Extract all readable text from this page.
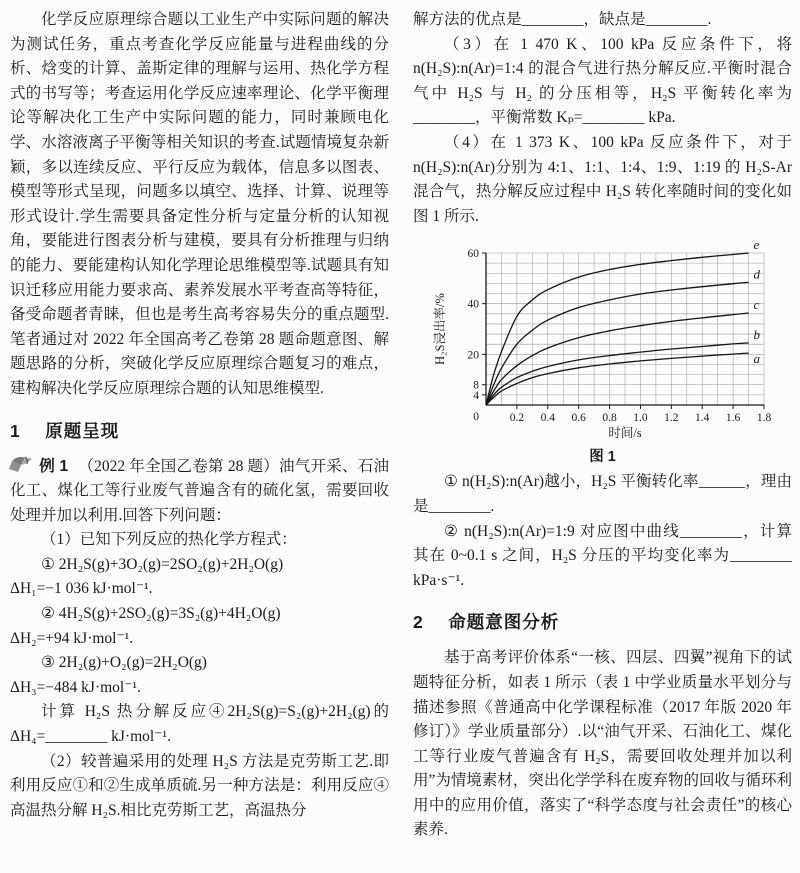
化学反应原理综合题以工业生产中实际问题的解决为测试任务，重点考查化学反应能量与进程曲线的分析、焓变的计算、盖斯定律的理解与运用、热化学方程式的书写等；考查运用化学反应速率理论、化学平衡理论等解决化工生产中实际问题的能力，同时兼顾电化学、水溶液离子平衡等相关知识的考查.试题情境复杂新颖，多以连续反应、平行反应为载体，信息多以图表、模型等形式呈现，问题多以填空、选择、计算、说理等形式设计.学生需要具备定性分析与定量分析的认知视角，要能进行图表分析与建模，要具有分析推理与归纳的能力、要能建构认知化学理论思维模型等.试题具有知识迁移应用能力要求高、素养发展水平考查高等特征，备受命题者青睐，但也是考生高考容易失分的重点题型.笔者通过对 2022 年全国高考乙卷第 28 题命题意图、解题思路的分析，突破化学反应原理综合题复习的难点，建构解决化学反应原理综合题的认知思维模型.

1 原题呈现

例 1 （2022 年全国乙卷第 28 题）油气开采、石油化工、煤化工等行业废气普遍含有的硫化氢，需要回收处理并加以利用.回答下列问题：

（1）已知下列反应的热化学方程式：

① 2H₂S(g)+3O₂(g)=2SO₂(g)+2H₂O(g)

ΔH₁=−1 036 kJ·mol⁻¹.

② 4H₂S(g)+2SO₂(g)=3S₂(g)+4H₂O(g)

ΔH₂=+94 kJ·mol⁻¹.

③ 2H₂(g)+O₂(g)=2H₂O(g)

ΔH₃=−484 kJ·mol⁻¹.

计算 H₂S 热分解反应④2H₂S(g)=S₂(g)+2H₂(g)的 ΔH₄=________ kJ·mol⁻¹.

（2）较普遍采用的处理 H₂S 方法是克劳斯工艺.即利用反应①和②生成单质硫.另一种方法是：利用反应④高温热分解 H₂S.相比克劳斯工艺，高温热分

解方法的优点是________，缺点是________.

（3）在 1 470 K、100 kPa 反应条件下，将 n(H₂S):n(Ar)=1:4 的混合气进行热分解反应.平衡时混合气中 H₂S 与 H₂ 的分压相等，H₂S 平衡转化率为________，平衡常数 Kₚ=________ kPa.

（4）在 1 373 K、100 kPa 反应条件下，对于 n(H₂S):n(Ar)分别为 4:1、1:1、1:4、1:9、1:19 的 H₂S-Ar 混合气，热分解反应过程中 H₂S 转化率随时间的变化如图 1 所示.

4
8
20
40
60
0	0.2 0.4 0.6 0.8 1.0 1.2 1.4 1.6 1.8
a
b
c
d
e
时间/s
H₂S浸出率/%
图 1

① n(H₂S):n(Ar)越小，H₂S 平衡转化率______，理由是________.

② n(H₂S):n(Ar)=1:9 对应图中曲线________，计算其在 0~0.1 s 之间，H₂S 分压的平均变化率为________ kPa·s⁻¹.

2 命题意图分析

基于高考评价体系“一核、四层、四翼”视角下的试题特征分析，如表 1 所示（表 1 中学业质量水平划分与描述参照《普通高中化学课程标准（2017 年版 2020 年修订）》学业质量部分）.以“油气开采、石油化工、煤化工等行业废气普遍含有 H₂S，需要回收处理并加以利用”为情境素材，突出化学学科在废弃物的回收与循环利用中的应用价值，落实了“科学态度与社会责任”的核心素养.
